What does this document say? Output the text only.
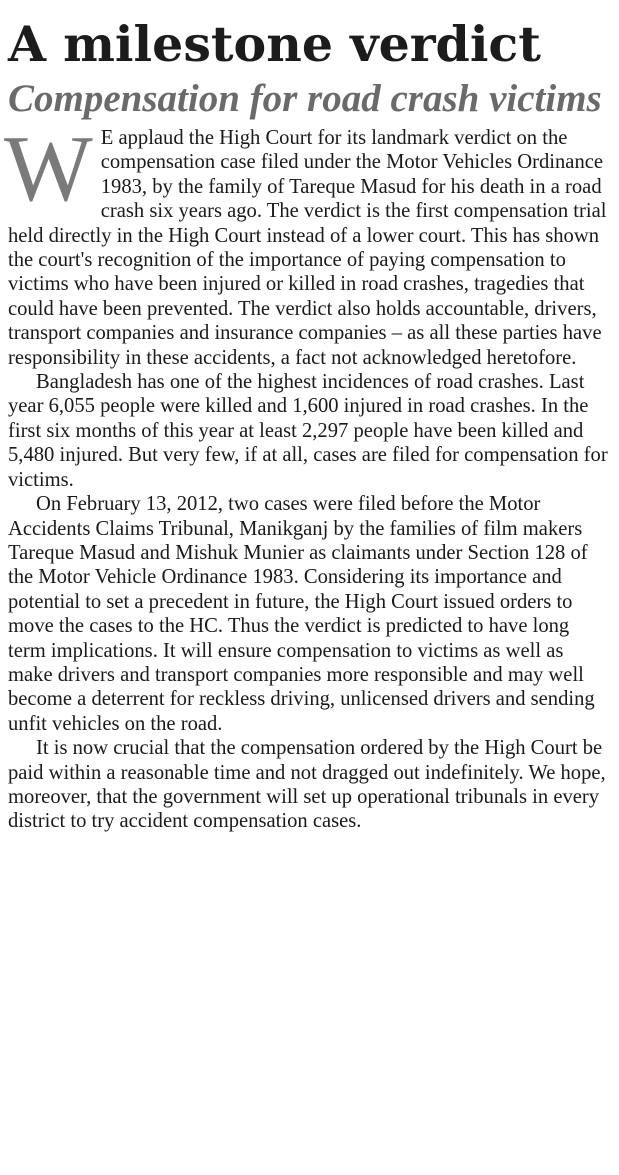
A milestone verdict
Compensation for road crash victims

W E applaud the High Court for its landmark verdict on the compensation case filed under the Motor Vehicles Ordinance 1983, by the family of Tareque Masud for his death in a road crash six years ago. The verdict is the first compensation trial held directly in the High Court instead of a lower court. This has shown the court's recognition of the importance of paying compensation to victims who have been injured or killed in road crashes, tragedies that could have been prevented. The verdict also holds accountable, drivers, transport companies and insurance companies – as all these parties have responsibility in these accidents, a fact not acknowledged heretofore.

Bangladesh has one of the highest incidences of road crashes. Last year 6,055 people were killed and 1,600 injured in road crashes. In the first six months of this year at least 2,297 people have been killed and 5,480 injured. But very few, if at all, cases are filed for compensation for victims.

On February 13, 2012, two cases were filed before the Motor Accidents Claims Tribunal, Manikganj by the families of film makers Tareque Masud and Mishuk Munier as claimants under Section 128 of the Motor Vehicle Ordinance 1983. Considering its importance and potential to set a precedent in future, the High Court issued orders to move the cases to the HC. Thus the verdict is predicted to have long term implications. It will ensure compensation to victims as well as make drivers and transport companies more responsible and may well become a deterrent for reckless driving, unlicensed drivers and sending unfit vehicles on the road.

It is now crucial that the compensation ordered by the High Court be paid within a reasonable time and not dragged out indefinitely. We hope, moreover, that the government will set up operational tribunals in every district to try accident compensation cases.
